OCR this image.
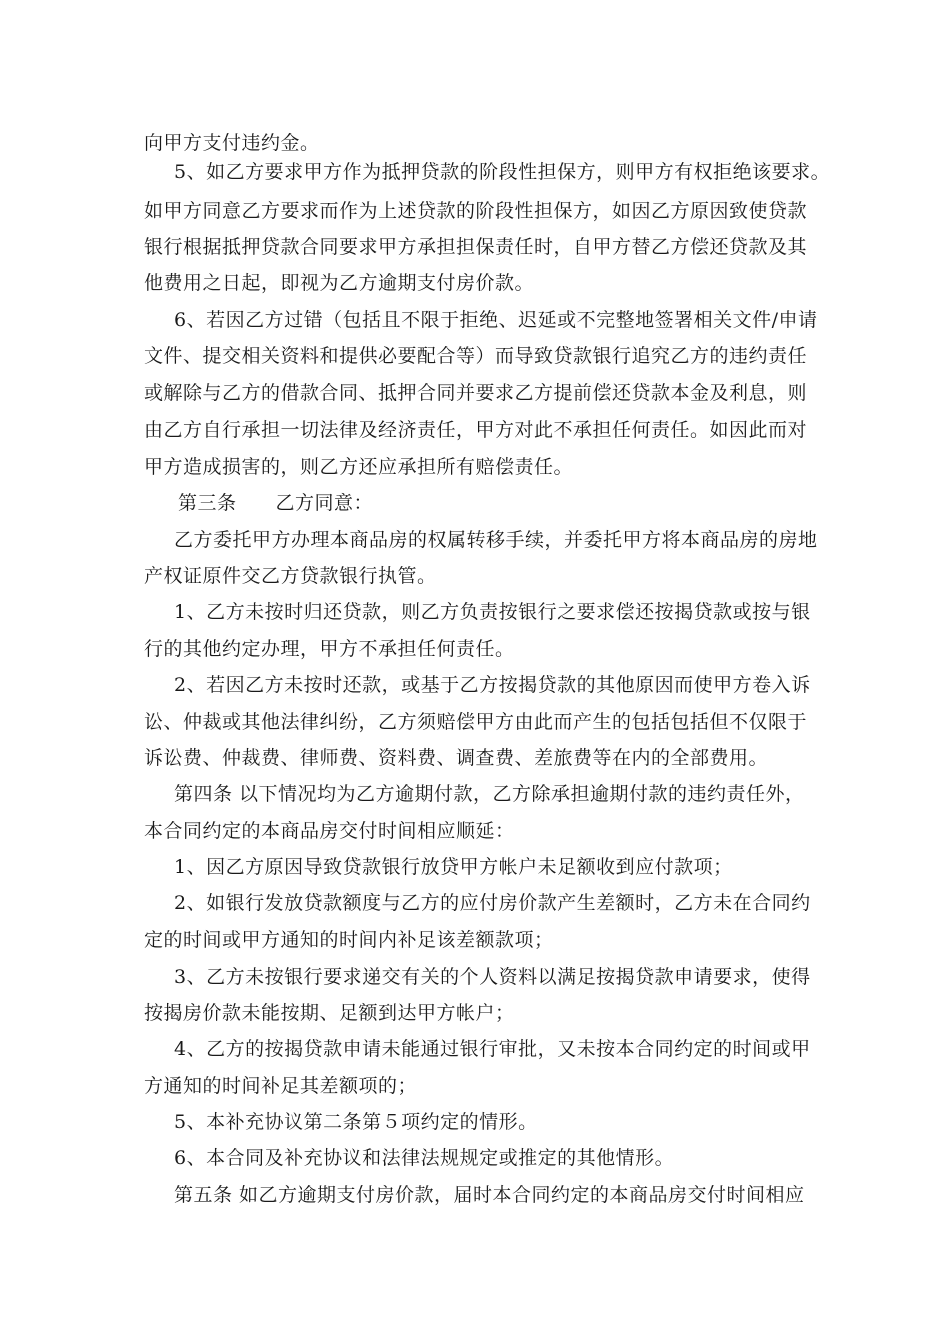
向甲方支付违约金。
5、如乙方要求甲方作为抵押贷款的阶段性担保方，则甲方有权拒绝该要求。
如甲方同意乙方要求而作为上述贷款的阶段性担保方，如因乙方原因致使贷款
银行根据抵押贷款合同要求甲方承担担保责任时，自甲方替乙方偿还贷款及其
他费用之日起，即视为乙方逾期支付房价款。
6、若因乙方过错（包括且不限于拒绝、迟延或不完整地签署相关文件/申请
文件、提交相关资料和提供必要配合等）而导致贷款银行追究乙方的违约责任
或解除与乙方的借款合同、抵押合同并要求乙方提前偿还贷款本金及利息，则
由乙方自行承担一切法律及经济责任，甲方对此不承担任何责任。如因此而对
甲方造成损害的，则乙方还应承担所有赔偿责任。
第三条　　乙方同意：
乙方委托甲方办理本商品房的权属转移手续，并委托甲方将本商品房的房地
产权证原件交乙方贷款银行执管。
1、乙方未按时归还贷款，则乙方负责按银行之要求偿还按揭贷款或按与银
行的其他约定办理，甲方不承担任何责任。
2、若因乙方未按时还款，或基于乙方按揭贷款的其他原因而使甲方卷入诉
讼、仲裁或其他法律纠纷，乙方须赔偿甲方由此而产生的包括包括但不仅限于
诉讼费、仲裁费、律师费、资料费、调查费、差旅费等在内的全部费用。
第四条 以下情况均为乙方逾期付款，乙方除承担逾期付款的违约责任外，
本合同约定的本商品房交付时间相应顺延：
1、因乙方原因导致贷款银行放贷甲方帐户未足额收到应付款项；
2、如银行发放贷款额度与乙方的应付房价款产生差额时，乙方未在合同约
定的时间或甲方通知的时间内补足该差额款项；
3、乙方未按银行要求递交有关的个人资料以满足按揭贷款申请要求，使得
按揭房价款未能按期、足额到达甲方帐户；
4、乙方的按揭贷款申请未能通过银行审批，又未按本合同约定的时间或甲
方通知的时间补足其差额项的；
5、本补充协议第二条第５项约定的情形。
6、本合同及补充协议和法律法规规定或推定的其他情形。
第五条 如乙方逾期支付房价款，届时本合同约定的本商品房交付时间相应
